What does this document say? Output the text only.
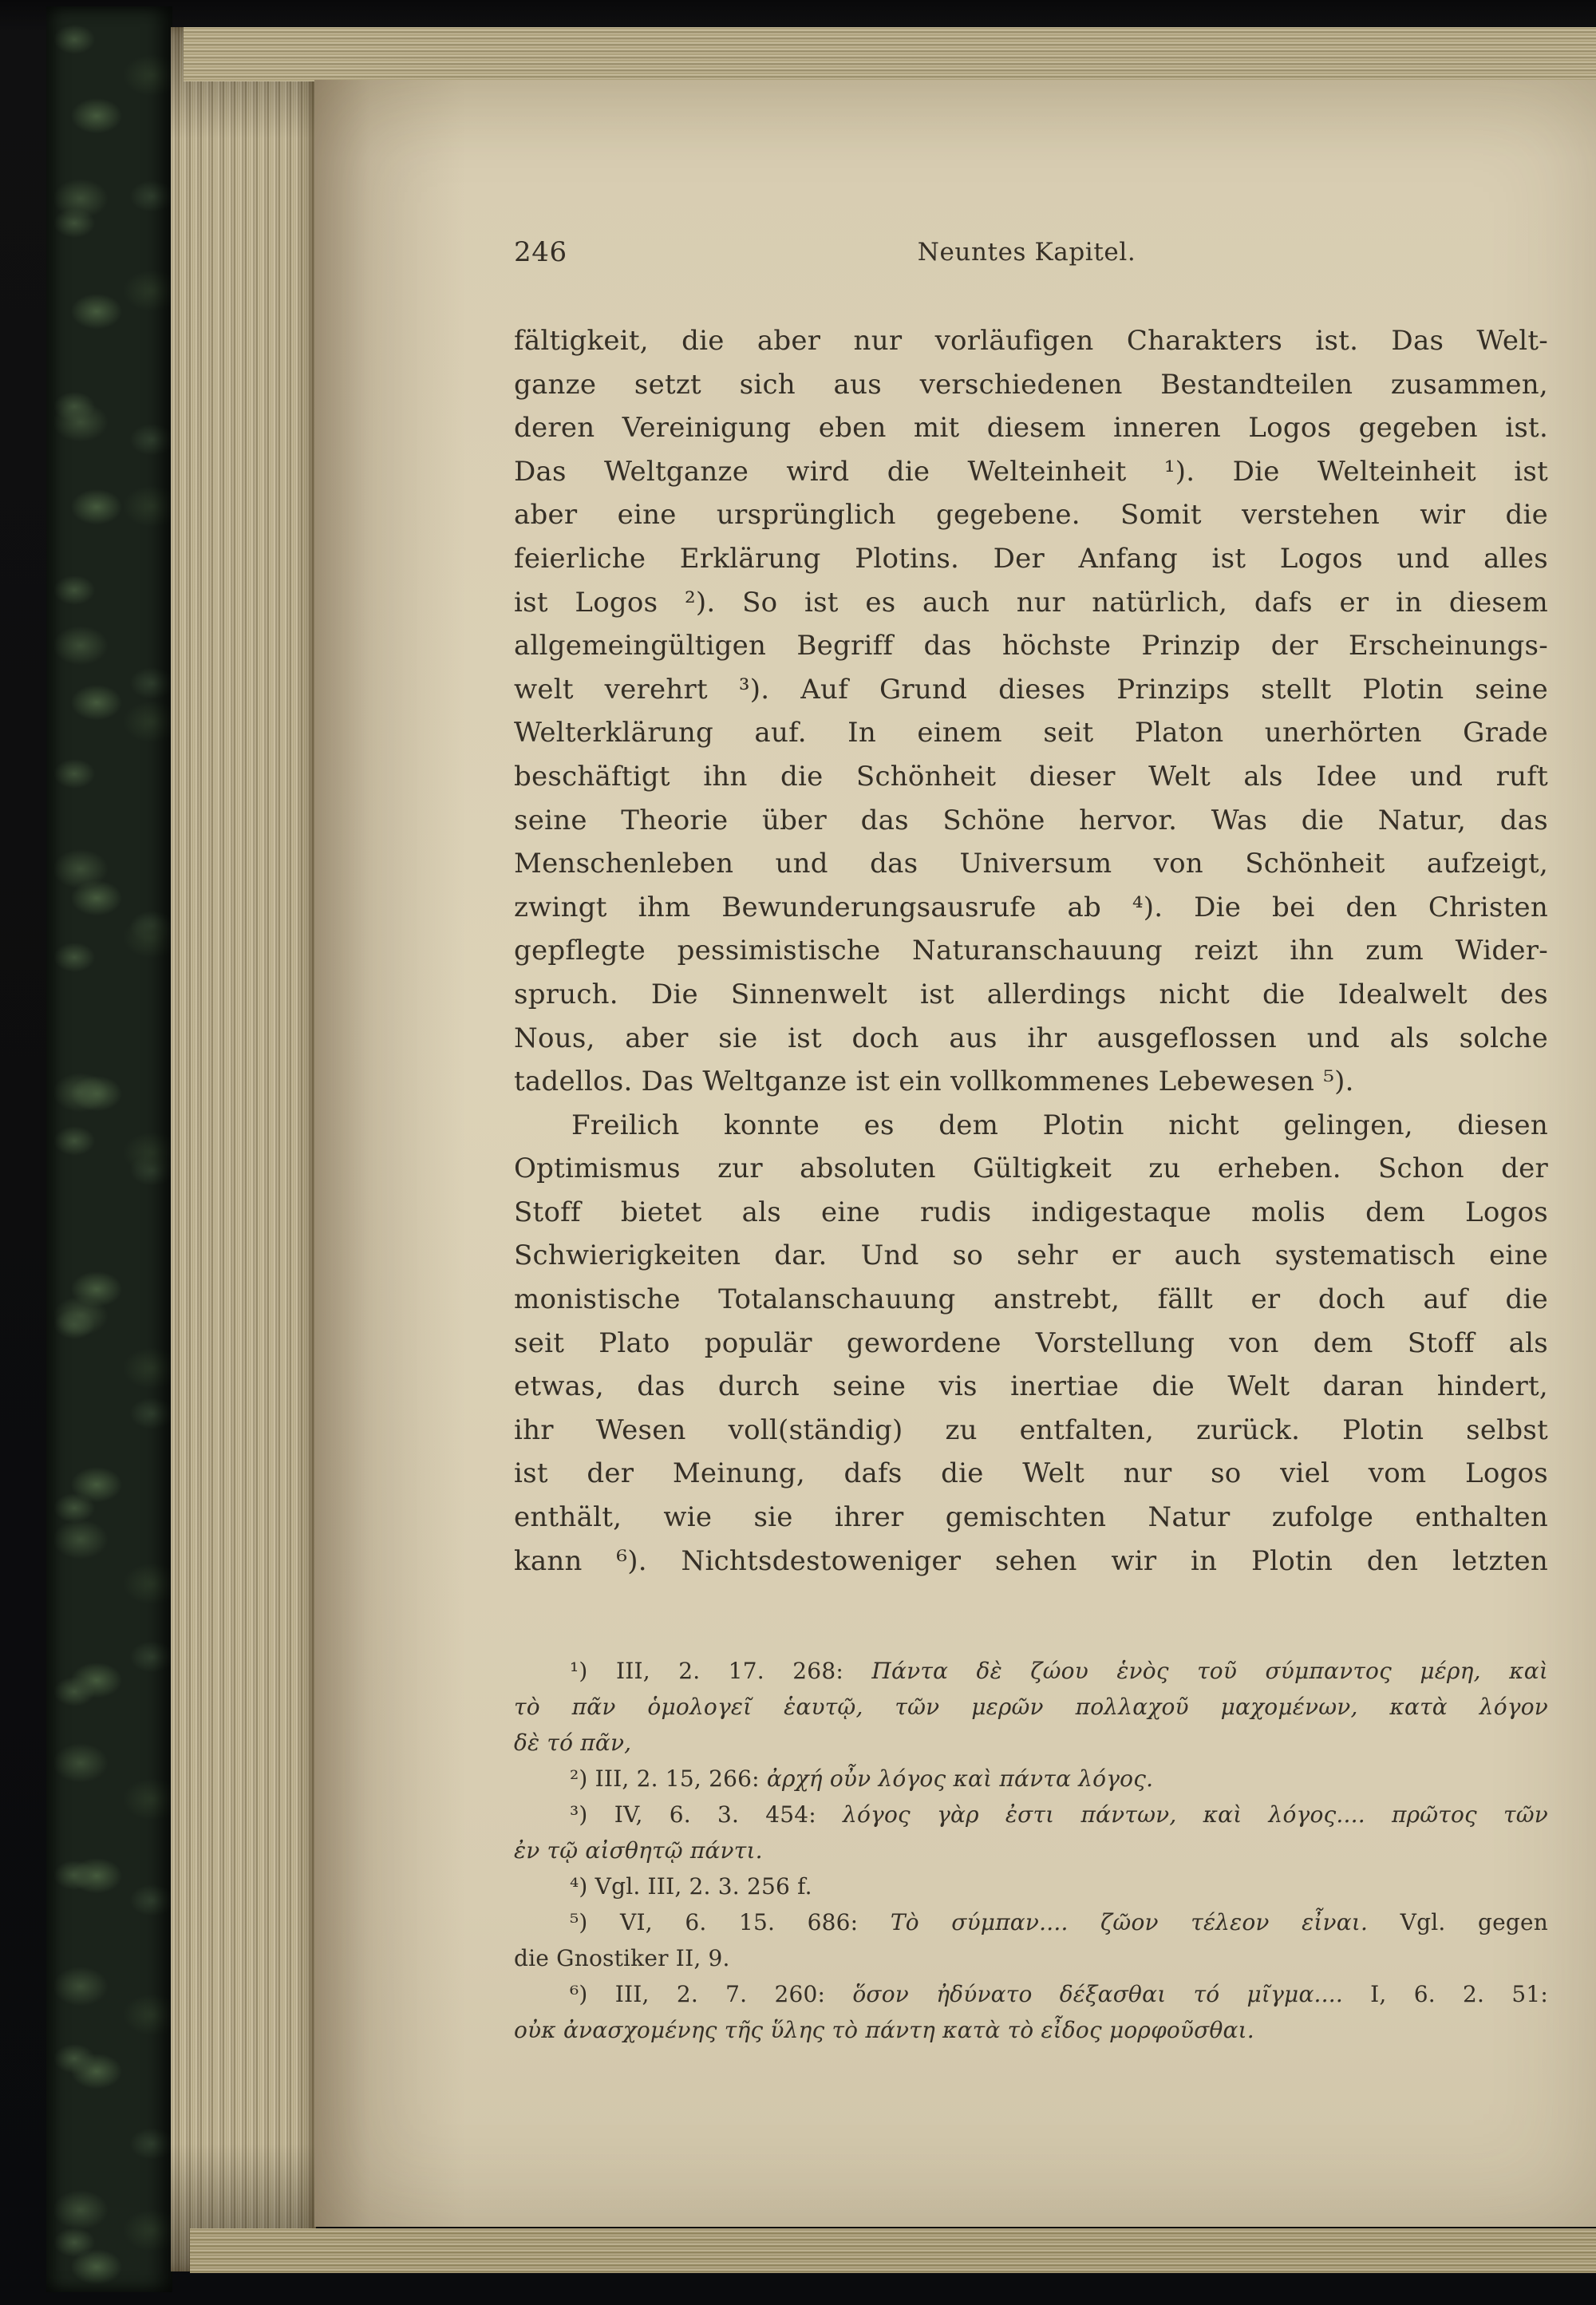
246	Neuntes Kapitel.
fältigkeit, die aber nur vorläufigen Charakters ist. Das Welt-
ganze setzt sich aus verschiedenen Bestandteilen zusammen,
deren Vereinigung eben mit diesem inneren Logos gegeben ist.
Das Weltganze wird die Welteinheit ¹). Die Welteinheit ist
aber eine ursprünglich gegebene. Somit verstehen wir die
feierliche Erklärung Plotins. Der Anfang ist Logos und alles
ist Logos ²). So ist es auch nur natürlich, dafs er in diesem
allgemeingültigen Begriff das höchste Prinzip der Erscheinungs-
welt verehrt ³). Auf Grund dieses Prinzips stellt Plotin seine
Welterklärung auf. In einem seit Platon unerhörten Grade
beschäftigt ihn die Schönheit dieser Welt als Idee und ruft
seine Theorie über das Schöne hervor. Was die Natur, das
Menschenleben und das Universum von Schönheit aufzeigt,
zwingt ihm Bewunderungsausrufe ab ⁴). Die bei den Christen
gepflegte pessimistische Naturanschauung reizt ihn zum Wider-
spruch. Die Sinnenwelt ist allerdings nicht die Idealwelt des
Nous, aber sie ist doch aus ihr ausgeflossen und als solche
tadellos. Das Weltganze ist ein vollkommenes Lebewesen ⁵).
Freilich konnte es dem Plotin nicht gelingen, diesen
Optimismus zur absoluten Gültigkeit zu erheben. Schon der
Stoff bietet als eine rudis indigestaque molis dem Logos
Schwierigkeiten dar. Und so sehr er auch systematisch eine
monistische Totalanschauung anstrebt, fällt er doch auf die
seit Plato populär gewordene Vorstellung von dem Stoff als
etwas, das durch seine vis inertiae die Welt daran hindert,
ihr Wesen voll(ständig) zu entfalten, zurück. Plotin selbst
ist der Meinung, dafs die Welt nur so viel vom Logos
enthält, wie sie ihrer gemischten Natur zufolge enthalten
kann ⁶). Nichtsdestoweniger sehen wir in Plotin den letzten
¹) III, 2. 17. 268: Πάντα δὲ ζώου ἑνὸς τοῦ σύμπαντος μέρη, καὶ
τὸ πᾶν ὁμολογεῖ ἑαυτῷ, τῶν μερῶν πολλαχοῦ μαχομένων, κατὰ λόγον
δὲ τό πᾶν,
²) III, 2. 15, 266: ἀρχή οὖν λόγος καὶ πάντα λόγος.
³) IV, 6. 3. 454: λόγος γὰρ ἐστι πάντων, καὶ λόγος.... πρῶτος τῶν
ἐν τῷ αἰσθητῷ πάντι.
⁴) Vgl. III, 2. 3. 256 f.
⁵) VI, 6. 15. 686: Τὸ σύμπαν.... ζῶον τέλεον εἶναι. Vgl. gegen
die Gnostiker II, 9.
⁶) III, 2. 7. 260: ὅσον ἠδύνατο δέξασθαι τό μῖγμα.... I, 6. 2. 51:
οὐκ ἀνασχομένης τῆς ὕλης τὸ πάντη κατὰ τὸ εἶδος μορφοῦσθαι.
